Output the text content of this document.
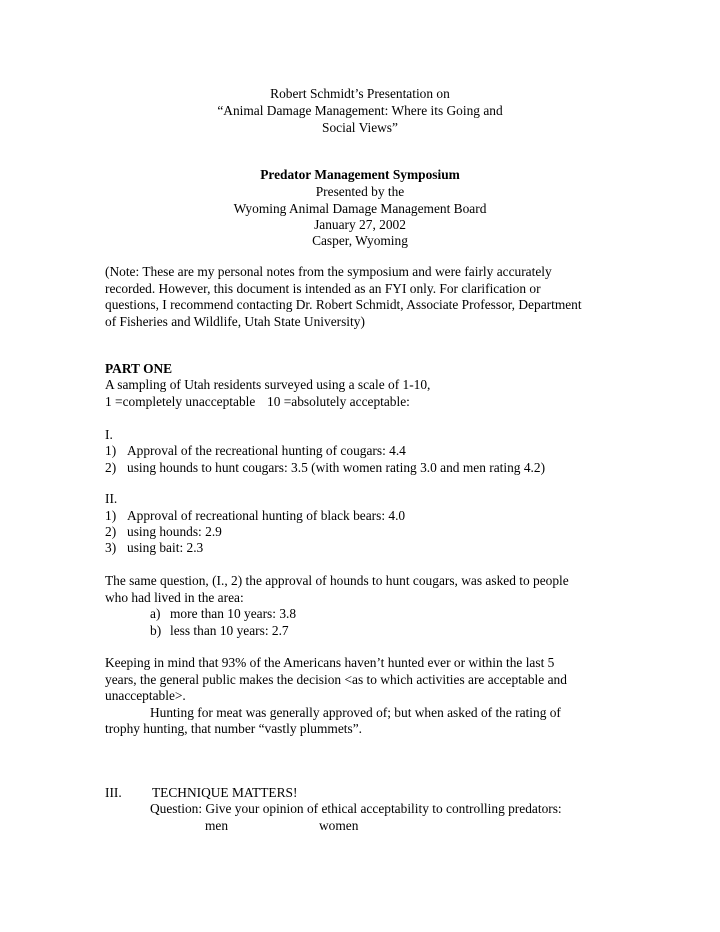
Robert Schmidt’s Presentation on
“Animal Damage Management: Where its Going and
Social Views”
Predator Management Symposium
Presented by the
Wyoming Animal Damage Management Board
January 27, 2002
Casper, Wyoming
(Note: These are my personal notes from the symposium and were fairly accurately
recorded. However, this document is intended as an FYI only. For clarification or
questions, I recommend contacting Dr. Robert Schmidt, Associate Professor, Department
of Fisheries and Wildlife, Utah State University)
PART ONE
A sampling of Utah residents surveyed using a scale of 1-10,
1 =completely unacceptable 10 =absolutely acceptable:
I.
1) Approval of the recreational hunting of cougars: 4.4
2) using hounds to hunt cougars: 3.5 (with women rating 3.0 and men rating 4.2)
II.
1) Approval of recreational hunting of black bears: 4.0
2) using hounds: 2.9
3) using bait: 2.3
The same question, (I., 2) the approval of hounds to hunt cougars, was asked to people
who had lived in the area:
a) more than 10 years: 3.8
b) less than 10 years: 2.7
Keeping in mind that 93% of the Americans haven’t hunted ever or within the last 5
years, the general public makes the decision <as to which activities are acceptable and
unacceptable>.
Hunting for meat was generally approved of; but when asked of the rating of
trophy hunting, that number “vastly plummets”.
III. TECHNIQUE MATTERS!
Question: Give your opinion of ethical acceptability to controlling predators:
men	women
